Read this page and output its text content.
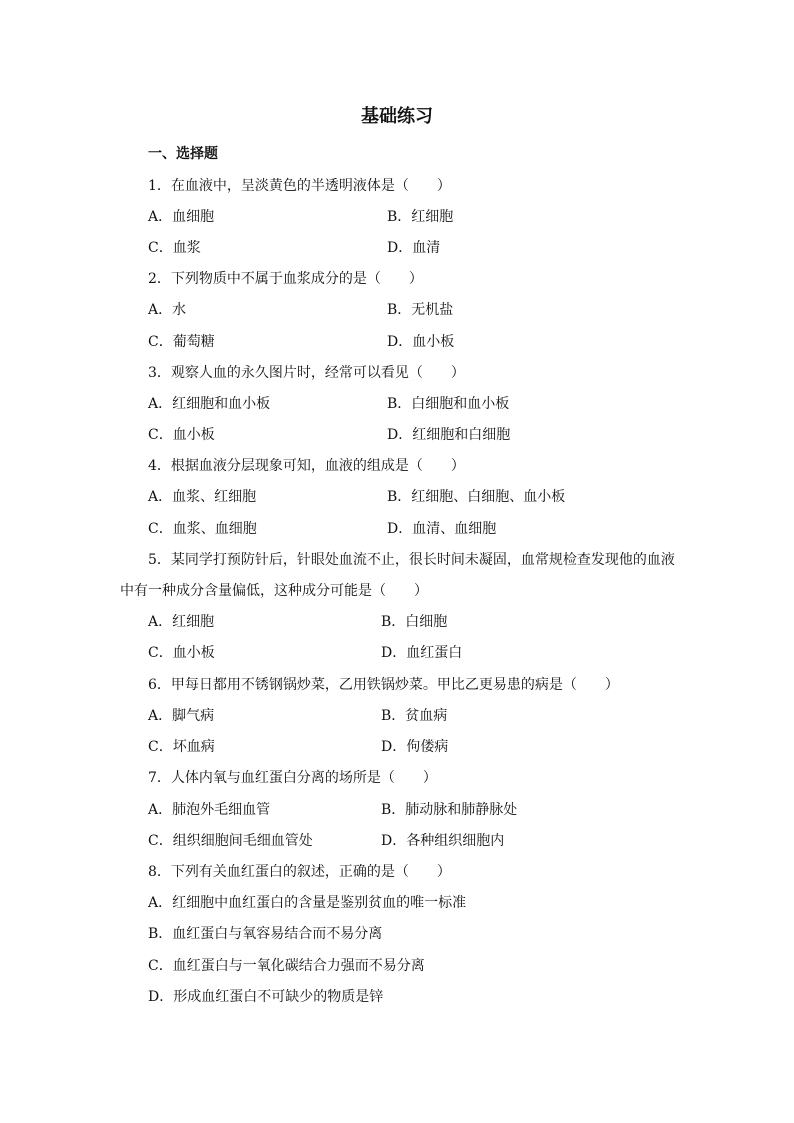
基础练习
一、选择题
1．在血液中，呈淡黄色的半透明液体是（　　）
A．血细胞	B．红细胞
C．血浆	D．血清
2．下列物质中不属于血浆成分的是（　　）
A．水	B．无机盐
C．葡萄糖	D．血小板
3．观察人血的永久图片时，经常可以看见（　　）
A．红细胞和血小板	B．白细胞和血小板
C．血小板	D．红细胞和白细胞
4．根据血液分层现象可知，血液的组成是（　　）
A．血浆、红细胞	B．红细胞、白细胞、血小板
C．血浆、血细胞	D．血清、血细胞
5．某同学打预防针后，针眼处血流不止，很长时间未凝固，血常规检查发现他的血液
中有一种成分含量偏低，这种成分可能是（　　）
A．红细胞	B．白细胞
C．血小板	D．血红蛋白
6．甲每日都用不锈钢锅炒菜，乙用铁锅炒菜。甲比乙更易患的病是（　　）
A．脚气病	B．贫血病
C．坏血病	D．佝偻病
7．人体内氧与血红蛋白分离的场所是（　　）
A．肺泡外毛细血管	B．肺动脉和肺静脉处
C．组织细胞间毛细血管处	D．各种组织细胞内
8．下列有关血红蛋白的叙述，正确的是（　　）
A．红细胞中血红蛋白的含量是鉴别贫血的唯一标准
B．血红蛋白与氧容易结合而不易分离
C．血红蛋白与一氧化碳结合力强而不易分离
D．形成血红蛋白不可缺少的物质是锌
